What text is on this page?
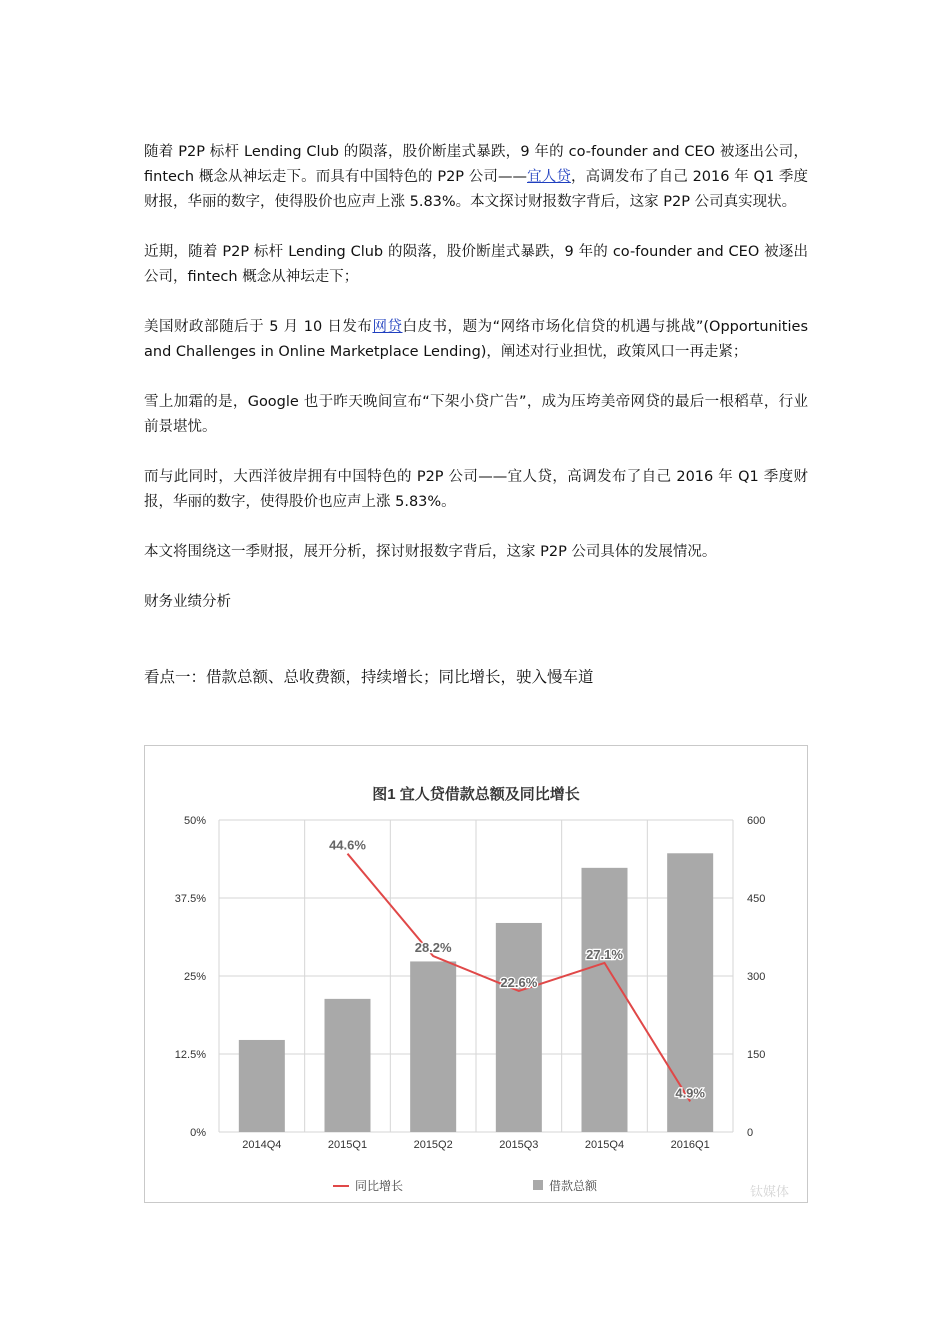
随着 P2P 标杆 Lending Club 的陨落，股价断崖式暴跌，9 年的 co-founder and CEO 被逐出公司，fintech 概念从神坛走下。而具有中国特色的 P2P 公司——宜人贷，高调发布了自己 2016 年 Q1 季度财报，华丽的数字，使得股价也应声上涨 5.83%。本文探讨财报数字背后，这家 P2P 公司真实现状。

近期，随着 P2P 标杆 Lending Club 的陨落，股价断崖式暴跌，9 年的 co-founder and CEO 被逐出公司，fintech 概念从神坛走下；

美国财政部随后于 5 月 10 日发布网贷白皮书，题为“网络市场化信贷的机遇与挑战”(Opportunities and Challenges in Online Marketplace Lending)，阐述对行业担忧，政策风口一再走紧；

雪上加霜的是，Google 也于昨天晚间宣布“下架小贷广告”，成为压垮美帝网贷的最后一根稻草，行业前景堪忧。

而与此同时，大西洋彼岸拥有中国特色的 P2P 公司——宜人贷，高调发布了自己 2016 年 Q1 季度财报，华丽的数字，使得股价也应声上涨 5.83%。

本文将围绕这一季财报，展开分析，探讨财报数字背后，这家 P2P 公司具体的发展情况。

财务业绩分析

看点一：借款总额、总收费额，持续增长；同比增长，驶入慢车道

图1 宜人贷借款总额及同比增长
0%	0
12.5%	150
25%	300
37.5%	450
50%	600
2014Q4	2015Q1	2015Q2	2015Q3	2015Q4	2016Q1
44.6%
28.2%
22.6%
27.1%
4.9%
同比增长	借款总额	钛媒体
